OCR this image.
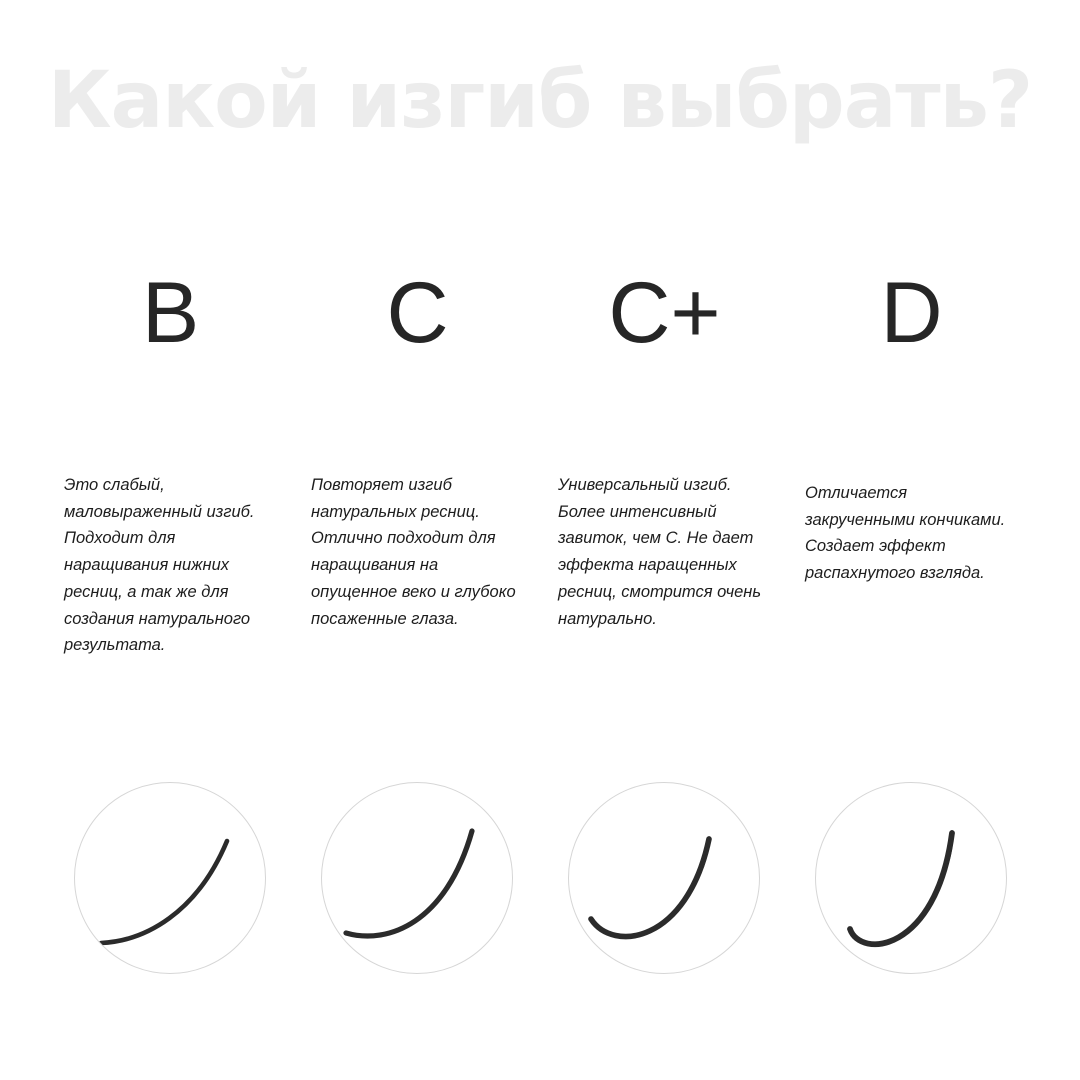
Какой изгиб выбрать?
B
Это слабый, маловыраженный изгиб. Подходит для наращивания нижних ресниц, а так же для создания натурального результата.
C
Повторяет изгиб натуральных ресниц. Отлично подходит для наращивания на опущенное веко и глубоко посаженные глаза.
C+
Универсальный изгиб. Более интенсивный завиток, чем C. Не дает эффекта наращенных ресниц, смотрится очень натурально.
D
Отличается закрученными кончиками. Создает эффект распахнутого взгляда.
